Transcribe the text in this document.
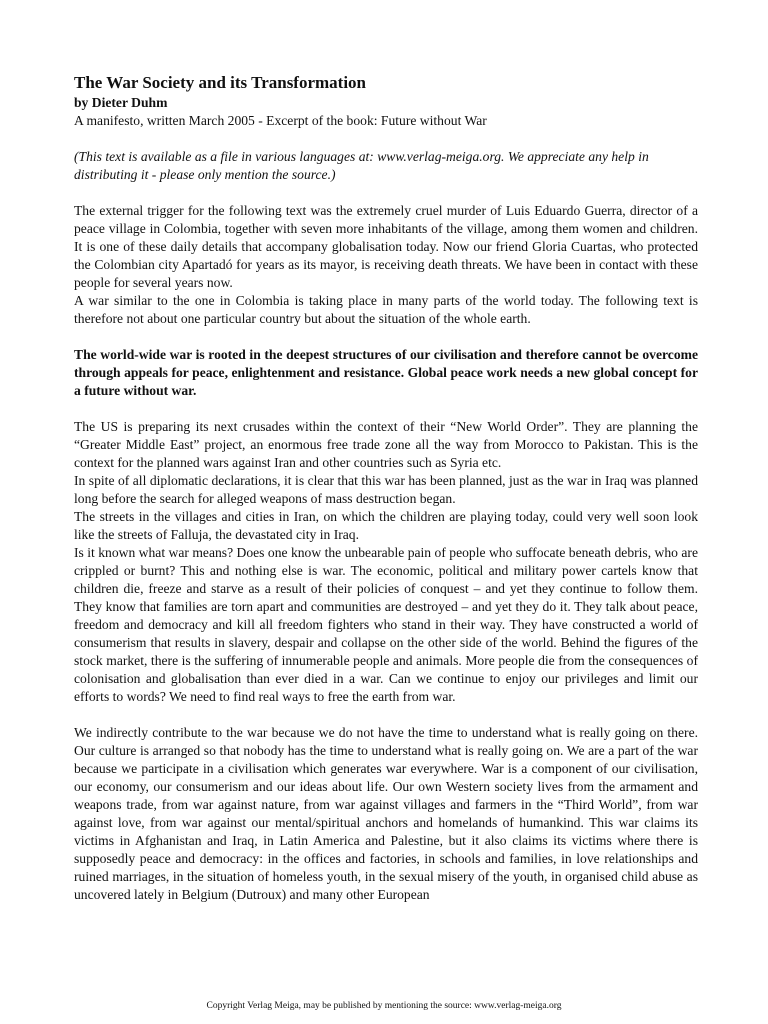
The War Society and its Transformation

by Dieter Duhm

A manifesto, written March 2005 - Excerpt of the book: Future without War

(This text is available as a file in various languages at: www.verlag-meiga.org. We appreciate any help in distributing it - please only mention the source.)

The external trigger for the following text was the extremely cruel murder of Luis Eduardo Guerra, director of a peace village in Colombia, together with seven more inhabitants of the village, among them women and children. It is one of these daily details that accompany globalisation today. Now our friend Gloria Cuartas, who protected the Colombian city Apartadó for years as its mayor, is receiving death threats. We have been in contact with these people for several years now.

A war similar to the one in Colombia is taking place in many parts of the world today. The following text is therefore not about one particular country but about the situation of the whole earth.

The world-wide war is rooted in the deepest structures of our civilisation and therefore cannot be overcome through appeals for peace, enlightenment and resistance. Global peace work needs a new global concept for a future without war.

The US is preparing its next crusades within the context of their “New World Order”. They are planning the “Greater Middle East” project, an enormous free trade zone all the way from Morocco to Pakistan. This is the context for the planned wars against Iran and other countries such as Syria etc.

In spite of all diplomatic declarations, it is clear that this war has been planned, just as the war in Iraq was planned long before the search for alleged weapons of mass destruction began.

The streets in the villages and cities in Iran, on which the children are playing today, could very well soon look like the streets of Falluja, the devastated city in Iraq.

Is it known what war means? Does one know the unbearable pain of people who suffocate beneath debris, who are crippled or burnt? This and nothing else is war. The economic, political and military power cartels know that children die, freeze and starve as a result of their policies of conquest – and yet they continue to follow them. They know that families are torn apart and communities are destroyed – and yet they do it. They talk about peace, freedom and democracy and kill all freedom fighters who stand in their way. They have constructed a world of consumerism that results in slavery, despair and collapse on the other side of the world. Behind the figures of the stock market, there is the suffering of innumerable people and animals. More people die from the consequences of colonisation and globalisation than ever died in a war. Can we continue to enjoy our privileges and limit our efforts to words? We need to find real ways to free the earth from war.

We indirectly contribute to the war because we do not have the time to understand what is really going on there. Our culture is arranged so that nobody has the time to understand what is really going on. We are a part of the war because we participate in a civilisation which generates war everywhere. War is a component of our civilisation, our economy, our consumerism and our ideas about life. Our own Western society lives from the armament and weapons trade, from war against nature, from war against villages and farmers in the “Third World”, from war against love, from war against our mental/spiritual anchors and homelands of humankind. This war claims its victims in Afghanistan and Iraq, in Latin America and Palestine, but it also claims its victims where there is supposedly peace and democracy: in the offices and factories, in schools and families, in love relationships and ruined marriages, in the situation of homeless youth, in the sexual misery of the youth, in organised child abuse as uncovered lately in Belgium (Dutroux) and many other European

Copyright Verlag Meiga, may be published by mentioning the source: www.verlag-meiga.org
